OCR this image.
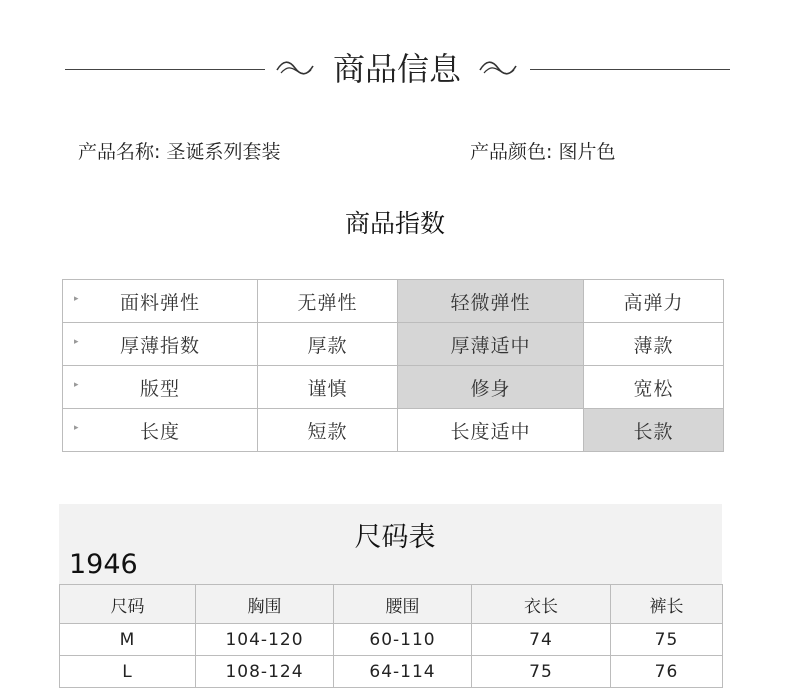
商品信息
产品名称: 圣诞系列套装	产品颜色: 图片色
商品指数
▸ 面料弹性	无弹性	轻微弹性	高弹力

▸ 厚薄指数	厚款	厚薄适中	薄款

▸ 版型	谨慎	修身	宽松

▸ 长度	短款	长度适中	长款
尺码表
1946
尺码	胸围	腰围	衣长	裤长
M	104-120	60-110	74	75
L	108-124	64-114	75	76
